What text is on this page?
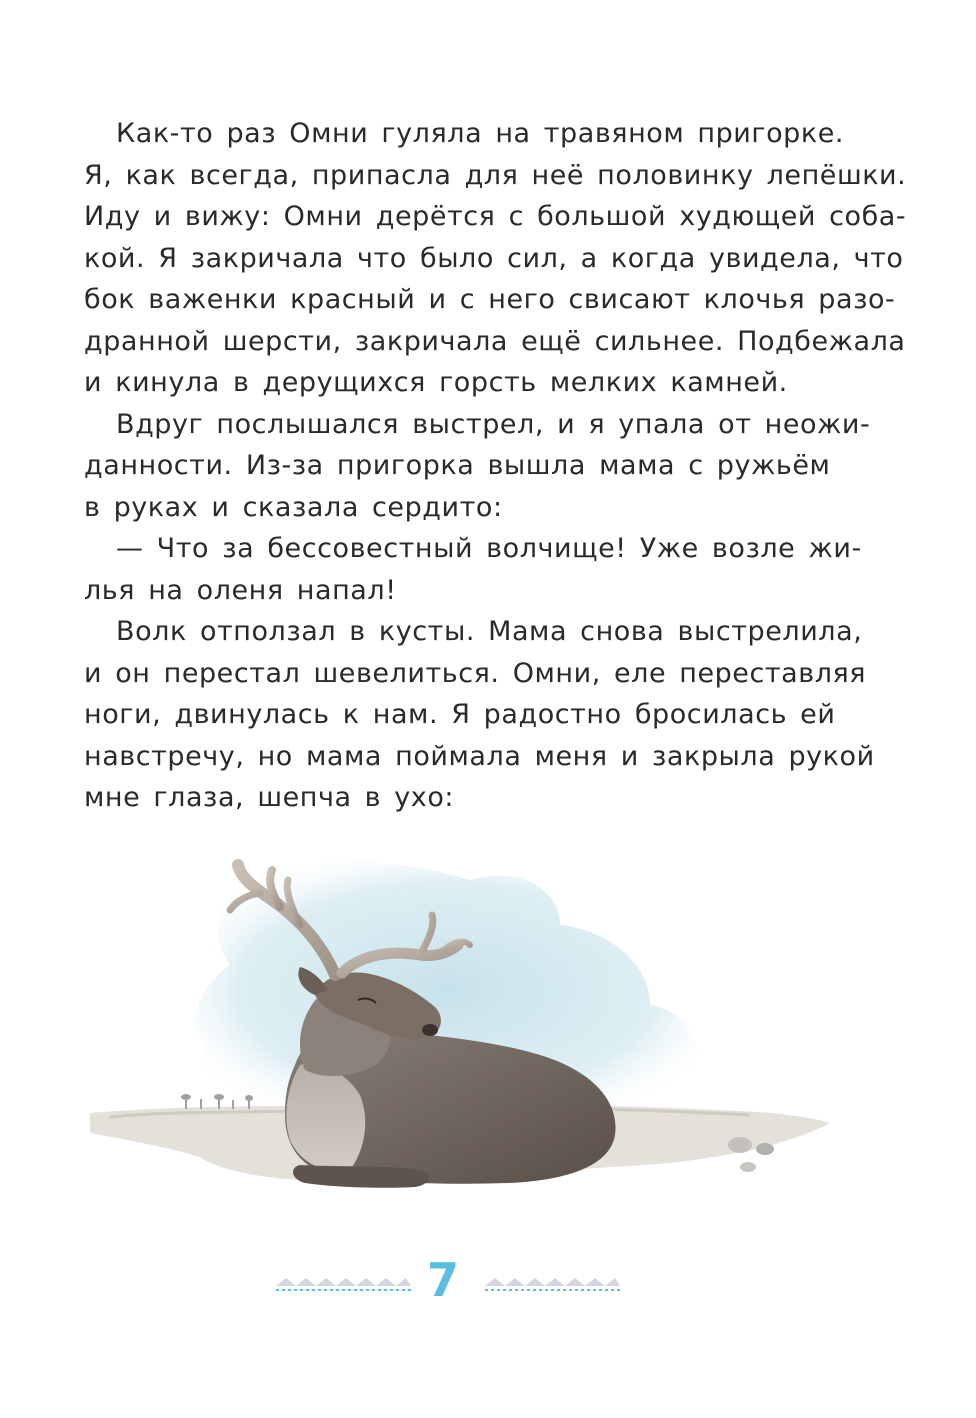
Как-то раз Омни гуляла на травяном пригорке.
Я, как всегда, припасла для неё половинку лепёшки.
Иду и вижу: Омни дерётся с большой худющей соба-
кой. Я закричала что было сил, а когда увидела, что
бок важенки красный и с него свисают клочья разо-
дранной шерсти, закричала ещё сильнее. Подбежала
и кинула в дерущихся горсть мелких камней.

Вдруг послышался выстрел, и я упала от неожи-
данности. Из-за пригорка вышла мама с ружьём
в руках и сказала сердито:

— Что за бессовестный волчище! Уже возле жи-
лья на оленя напал!

Волк отползал в кусты. Мама снова выстрелила,
и он перестал шевелиться. Омни, еле переставляя
ноги, двинулась к нам. Я радостно бросилась ей
навстречу, но мама поймала меня и закрыла рукой
мне глаза, шепча в ухо:

7
